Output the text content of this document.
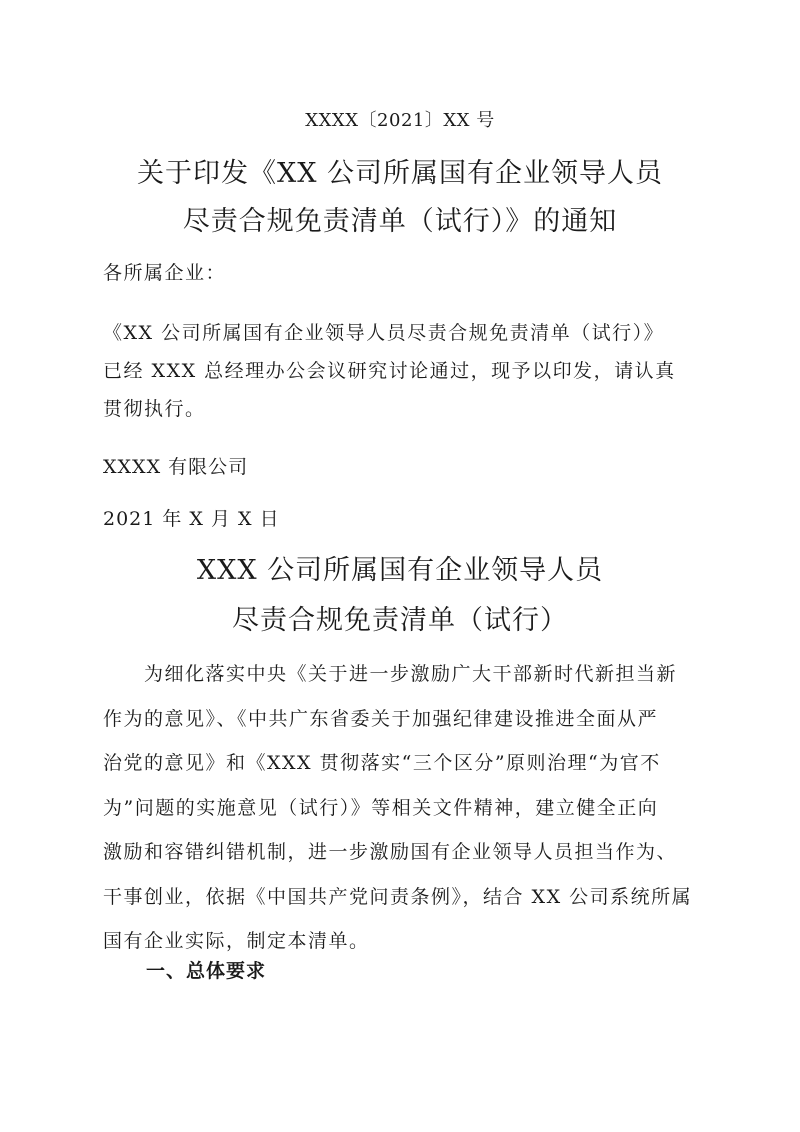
XXXX〔2021〕XX 号
关于印发《XX 公司所属国有企业领导人员
尽责合规免责清单（试行）》的通知
各所属企业：
《XX 公司所属国有企业领导人员尽责合规免责清单（试行）》
已经 XXX 总经理办公会议研究讨论通过，现予以印发，请认真
贯彻执行。
XXXX 有限公司
2021 年 X 月 X 日
XXX 公司所属国有企业领导人员
尽责合规免责清单（试行）
　　为细化落实中央《关于进一步激励广大干部新时代新担当新
作为的意见》、《中共广东省委关于加强纪律建设推进全面从严
治党的意见》和《XXX 贯彻落实“三个区分”原则治理“为官不
为”问题的实施意见（试行）》等相关文件精神，建立健全正向
激励和容错纠错机制，进一步激励国有企业领导人员担当作为、
干事创业，依据《中国共产党问责条例》，结合 XX 公司系统所属
国有企业实际，制定本清单。
一、总体要求
